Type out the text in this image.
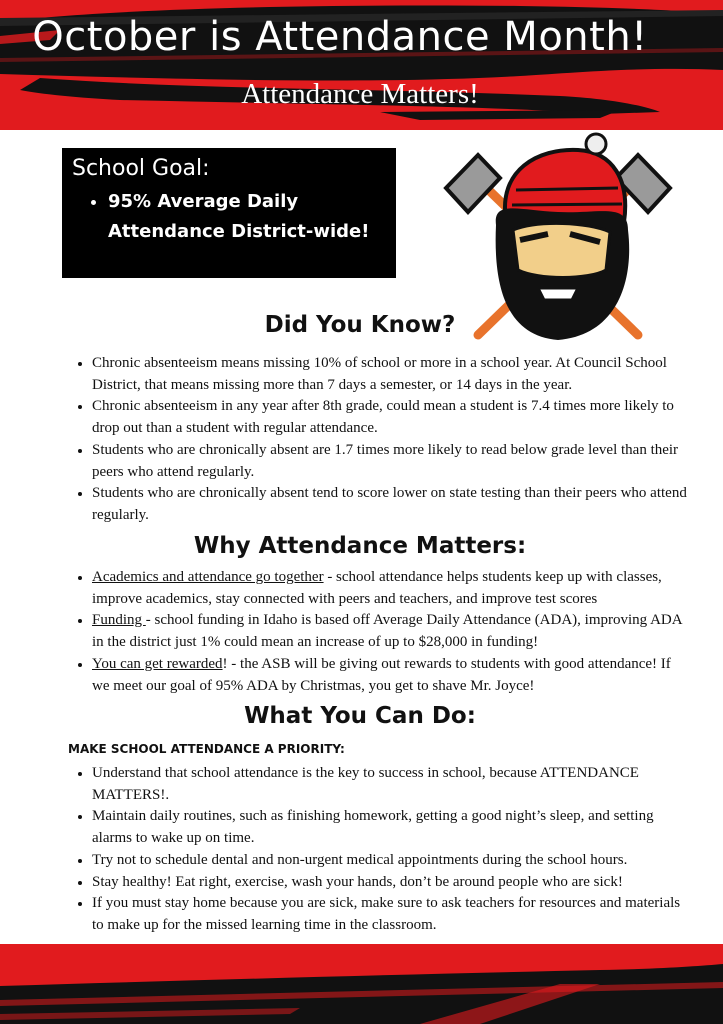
October is Attendance Month!

Attendance Matters!

School Goal:

• 95% Average Daily Attendance District-wide!
Did You Know?
• Chronic absenteeism means missing 10% of school or more in a school year. At Council School District, that means missing more than 7 days a semester, or 14 days in the year.
• Chronic absenteeism in any year after 8th grade, could mean a student is 7.4 times more likely to drop out than a student with regular attendance.
• Students who are chronically absent are 1.7 times more likely to read below grade level than their peers who attend regularly.
• Students who are chronically absent tend to score lower on state testing than their peers who attend regularly.
Why Attendance Matters:
• Academics and attendance go together - school attendance helps students keep up with classes, improve academics, stay connected with peers and teachers, and improve test scores
• Funding - school funding in Idaho is based off Average Daily Attendance (ADA), improving ADA in the district just 1% could mean an increase of up to $28,000 in funding!
• You can get rewarded! - the ASB will be giving out rewards to students with good attendance! If we meet our goal of 95% ADA by Christmas, you get to shave Mr. Joyce!
What You Can Do:

MAKE SCHOOL ATTENDANCE A PRIORITY:

• Understand that school attendance is the key to success in school, because ATTENDANCE MATTERS!.
• Maintain daily routines, such as finishing homework, getting a good night’s sleep, and setting alarms to wake up on time.
• Try not to schedule dental and non-urgent medical appointments during the school hours.
• Stay healthy! Eat right, exercise, wash your hands, don’t be around people who are sick!
• If you must stay home because you are sick, make sure to ask teachers for resources and materials to make up for the missed learning time in the classroom.
